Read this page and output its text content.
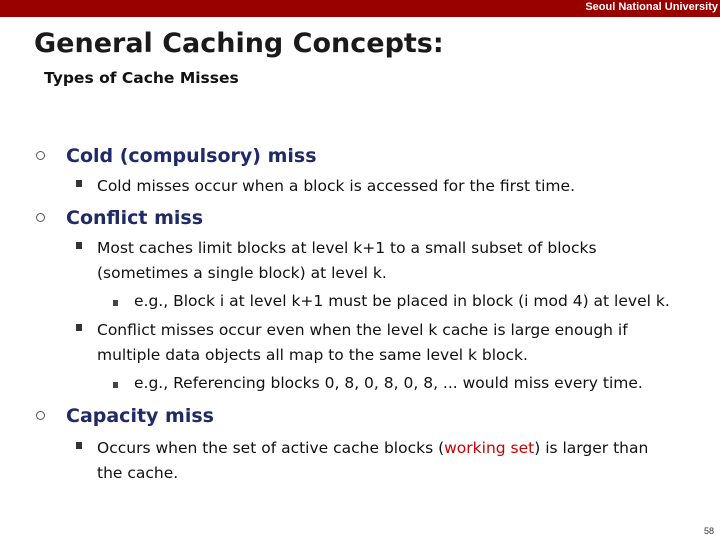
Seoul National University
General Caching Concepts:
Types of Cache Misses
Cold (compulsory) miss
Cold misses occur when a block is accessed for the first time.
Conflict miss
Most caches limit blocks at level k+1 to a small subset of blocks
(sometimes a single block) at level k.
e.g., Block i at level k+1 must be placed in block (i mod 4) at level k.
Conflict misses occur even when the level k cache is large enough if
multiple data objects all map to the same level k block.
e.g., Referencing blocks 0, 8, 0, 8, 0, 8, ... would miss every time.
Capacity miss
Occurs when the set of active cache blocks (working set) is larger than
the cache.
58
